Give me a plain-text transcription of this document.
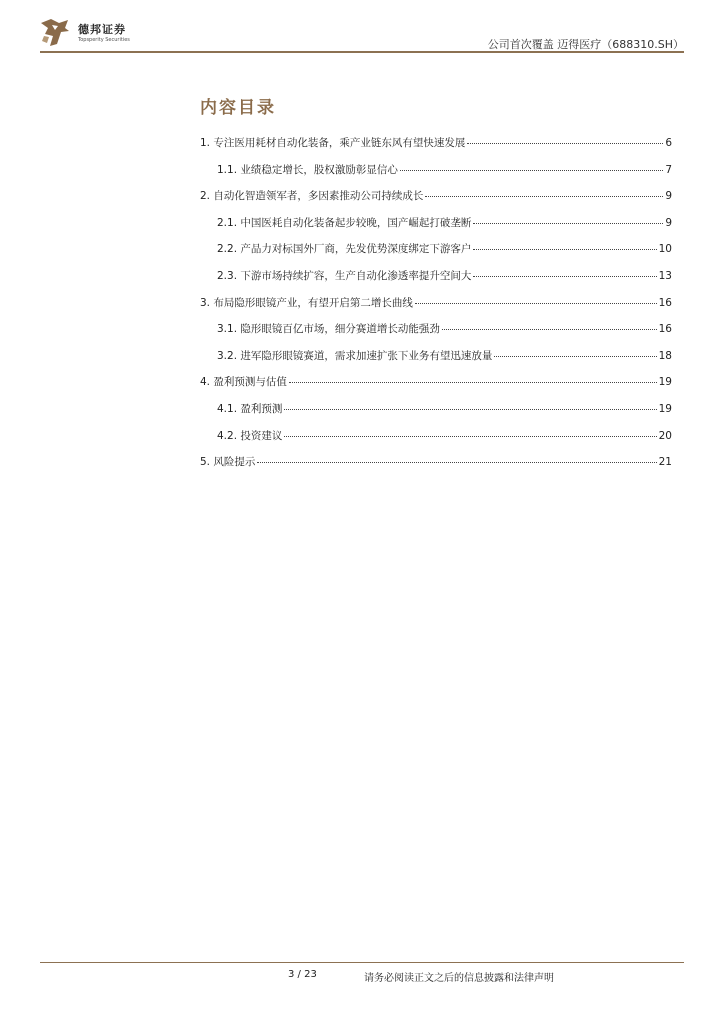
德邦证券
Topsperity Securities	公司首次覆盖 迈得医疗（688310.SH）
内容目录
1. 专注医用耗材自动化装备，乘产业链东风有望快速发展	6
1.1. 业绩稳定增长，股权激励彰显信心	7
2. 自动化智造领军者，多因素推动公司持续成长	9
2.1. 中国医耗自动化装备起步较晚，国产崛起打破垄断	9
2.2. 产品力对标国外厂商，先发优势深度绑定下游客户	10
2.3. 下游市场持续扩容，生产自动化渗透率提升空间大	13
3. 布局隐形眼镜产业，有望开启第二增长曲线	16
3.1. 隐形眼镜百亿市场，细分赛道增长动能强劲	16
3.2. 进军隐形眼镜赛道，需求加速扩张下业务有望迅速放量	18
4. 盈利预测与估值	19
4.1. 盈利预测	19
4.2. 投资建议	20
5. 风险提示	21
3 / 23	请务必阅读正文之后的信息披露和法律声明
